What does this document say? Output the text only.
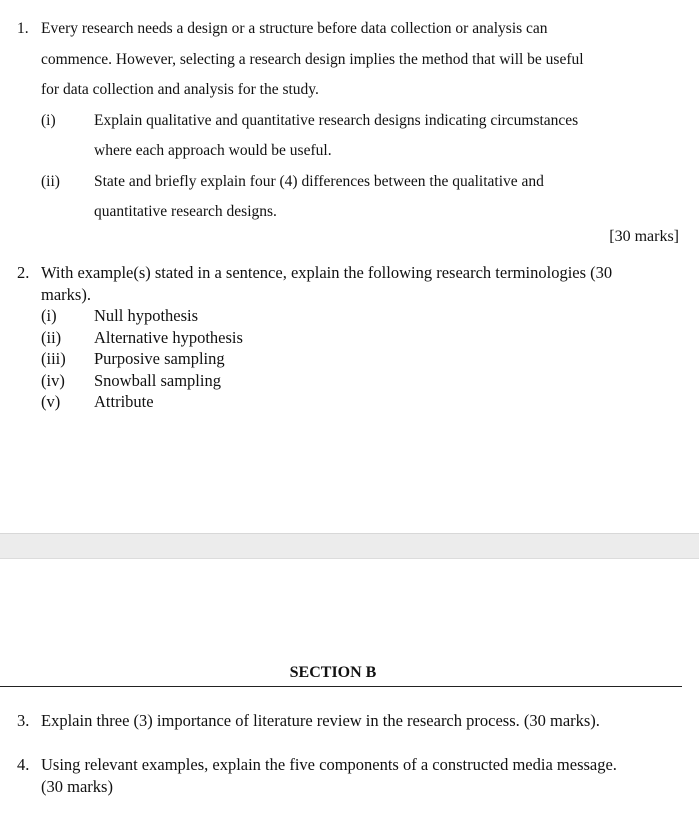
1. Every research needs a design or a structure before data collection or analysis can
commence. However, selecting a research design implies the method that will be useful
for data collection and analysis for the study.
(i) Explain qualitative and quantitative research designs indicating circumstances
where each approach would be useful.
(ii) State and briefly explain four (4) differences between the qualitative and
quantitative research designs.
[30 marks]
2. With example(s) stated in a sentence, explain the following research terminologies (30
marks).
(i) Null hypothesis
(ii) Alternative hypothesis
(iii) Purposive sampling
(iv) Snowball sampling
(v) Attribute
SECTION B
3. Explain three (3) importance of literature review in the research process. (30 marks).
4. Using relevant examples, explain the five components of a constructed media message.
(30 marks)
